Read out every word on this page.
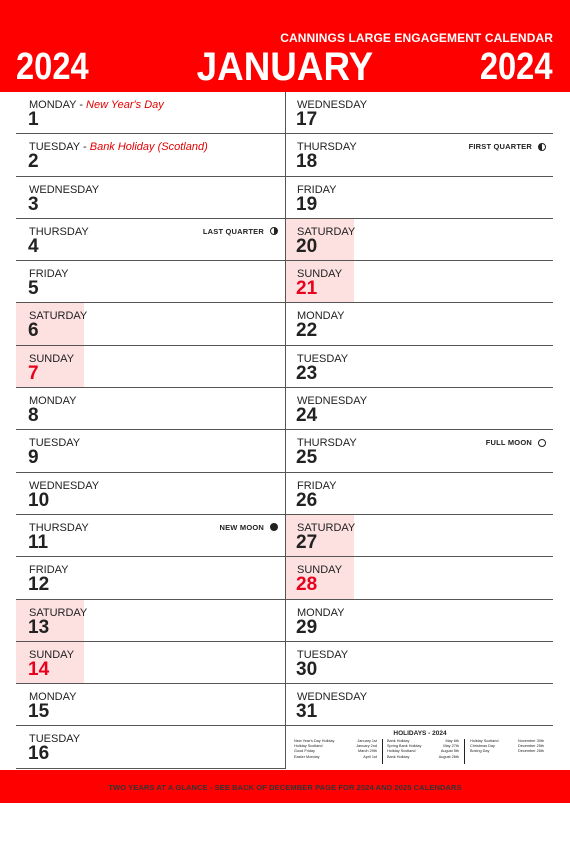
CANNINGS LARGE ENGAGEMENT CALENDAR
2024	JANUARY	2024
MONDAY - New Year's Day
1
TUESDAY - Bank Holiday (Scotland)
2
WEDNESDAY
3
THURSDAY
4
LAST QUARTER
FRIDAY
5
SATURDAY
6
SUNDAY
7
MONDAY
8
TUESDAY
9
WEDNESDAY
10
THURSDAY
11
NEW MOON
FRIDAY
12
SATURDAY
13
SUNDAY
14
MONDAY
15
TUESDAY
16
WEDNESDAY
17
THURSDAY
18
FIRST QUARTER
FRIDAY
19
SATURDAY
20
SUNDAY
21
MONDAY
22
TUESDAY
23
WEDNESDAY
24
THURSDAY
25
FULL MOON
FRIDAY
26
SATURDAY
27
SUNDAY
28
MONDAY
29
TUESDAY
30
WEDNESDAY
31
HOLIDAYS - 2024
New Year's Day Holiday	January 1st
Holiday Scotland	January 2nd
Good Friday	March 29th
Easter Monday	April 1st
Bank Holiday	May 6th
Spring Bank Holiday	May 27th
Holiday Scotland	August 5th
Bank Holiday	August 26th
Holiday Scotland	November 30th
Christmas Day	December 25th
Boxing Day	December 26th
TWO YEARS AT A GLANCE - SEE BACK OF DECEMBER PAGE FOR 2024 AND 2025 CALENDARS
